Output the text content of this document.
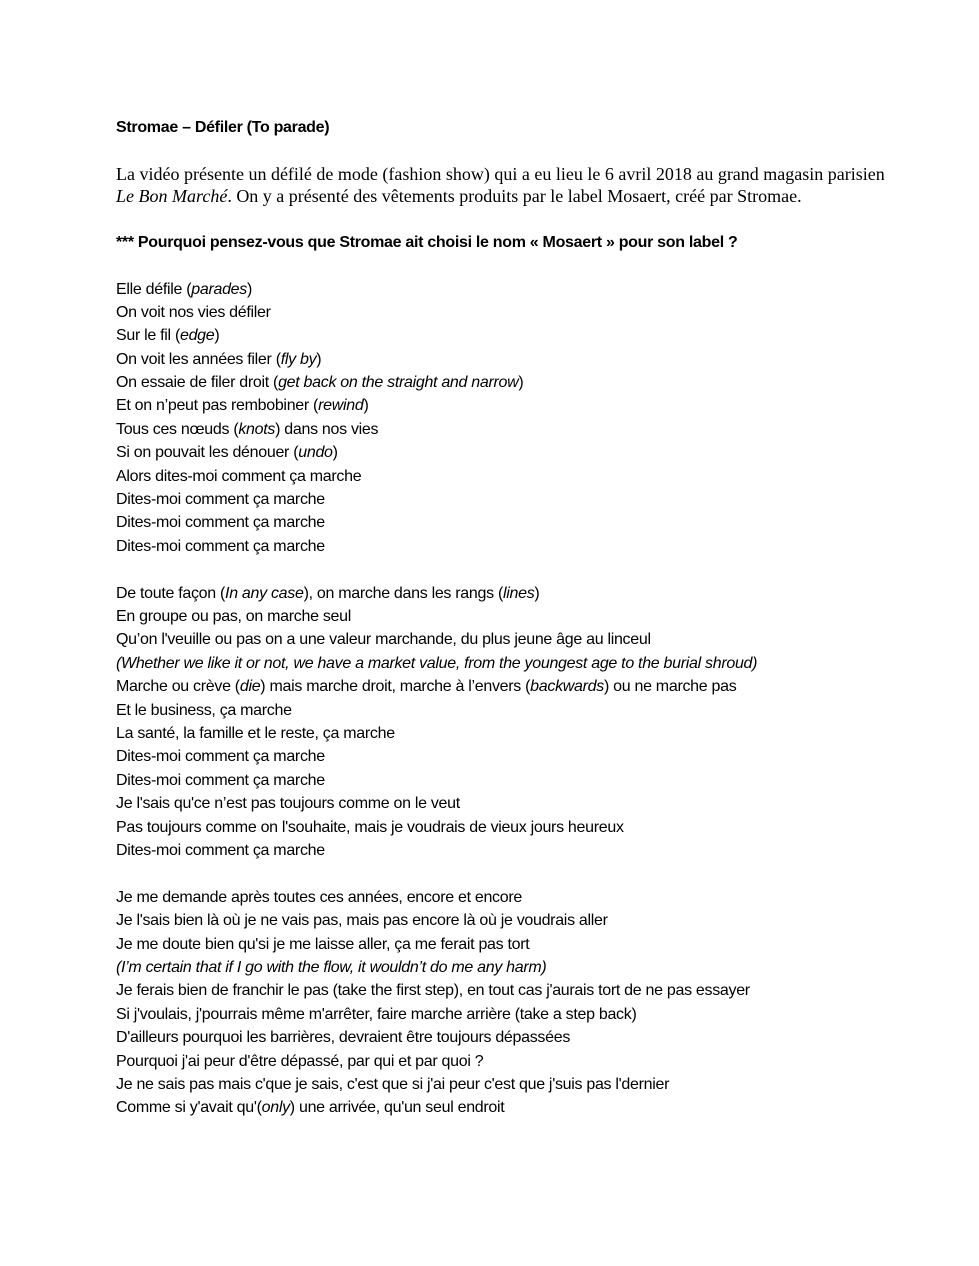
Stromae – Défiler (To parade)

La vidéo présente un défilé de mode (fashion show) qui a eu lieu le 6 avril 2018 au grand magasin parisien Le Bon Marché. On y a présenté des vêtements produits par le label Mosaert, créé par Stromae.

*** Pourquoi pensez-vous que Stromae ait choisi le nom « Mosaert » pour son label ?

Elle défile (parades)
On voit nos vies défiler
Sur le fil (edge)
On voit les années filer (fly by)
On essaie de filer droit (get back on the straight and narrow)
Et on n’peut pas rembobiner (rewind)
Tous ces nœuds (knots) dans nos vies
Si on pouvait les dénouer (undo)
Alors dites-moi comment ça marche
Dites-moi comment ça marche
Dites-moi comment ça marche
Dites-moi comment ça marche
De toute façon (In any case), on marche dans les rangs (lines)
En groupe ou pas, on marche seul
Qu’on l'veuille ou pas on a une valeur marchande, du plus jeune âge au linceul
(Whether we like it or not, we have a market value, from the youngest age to the burial shroud)
Marche ou crève (die) mais marche droit, marche à l’envers (backwards) ou ne marche pas
Et le business, ça marche
La santé, la famille et le reste, ça marche
Dites-moi comment ça marche
Dites-moi comment ça marche
Je l'sais qu'ce n’est pas toujours comme on le veut
Pas toujours comme on l'souhaite, mais je voudrais de vieux jours heureux
Dites-moi comment ça marche
Je me demande après toutes ces années, encore et encore
Je l'sais bien là où je ne vais pas, mais pas encore là où je voudrais aller
Je me doute bien qu'si je me laisse aller, ça me ferait pas tort
(I’m certain that if I go with the flow, it wouldn’t do me any harm)
Je ferais bien de franchir le pas (take the first step), en tout cas j'aurais tort de ne pas essayer
Si j'voulais, j'pourrais même m'arrêter, faire marche arrière (take a step back)
D'ailleurs pourquoi les barrières, devraient être toujours dépassées
Pourquoi j'ai peur d'être dépassé, par qui et par quoi ?
Je ne sais pas mais c'que je sais, c'est que si j'ai peur c'est que j'suis pas l'dernier
Comme si y'avait qu'(only) une arrivée, qu'un seul endroit
